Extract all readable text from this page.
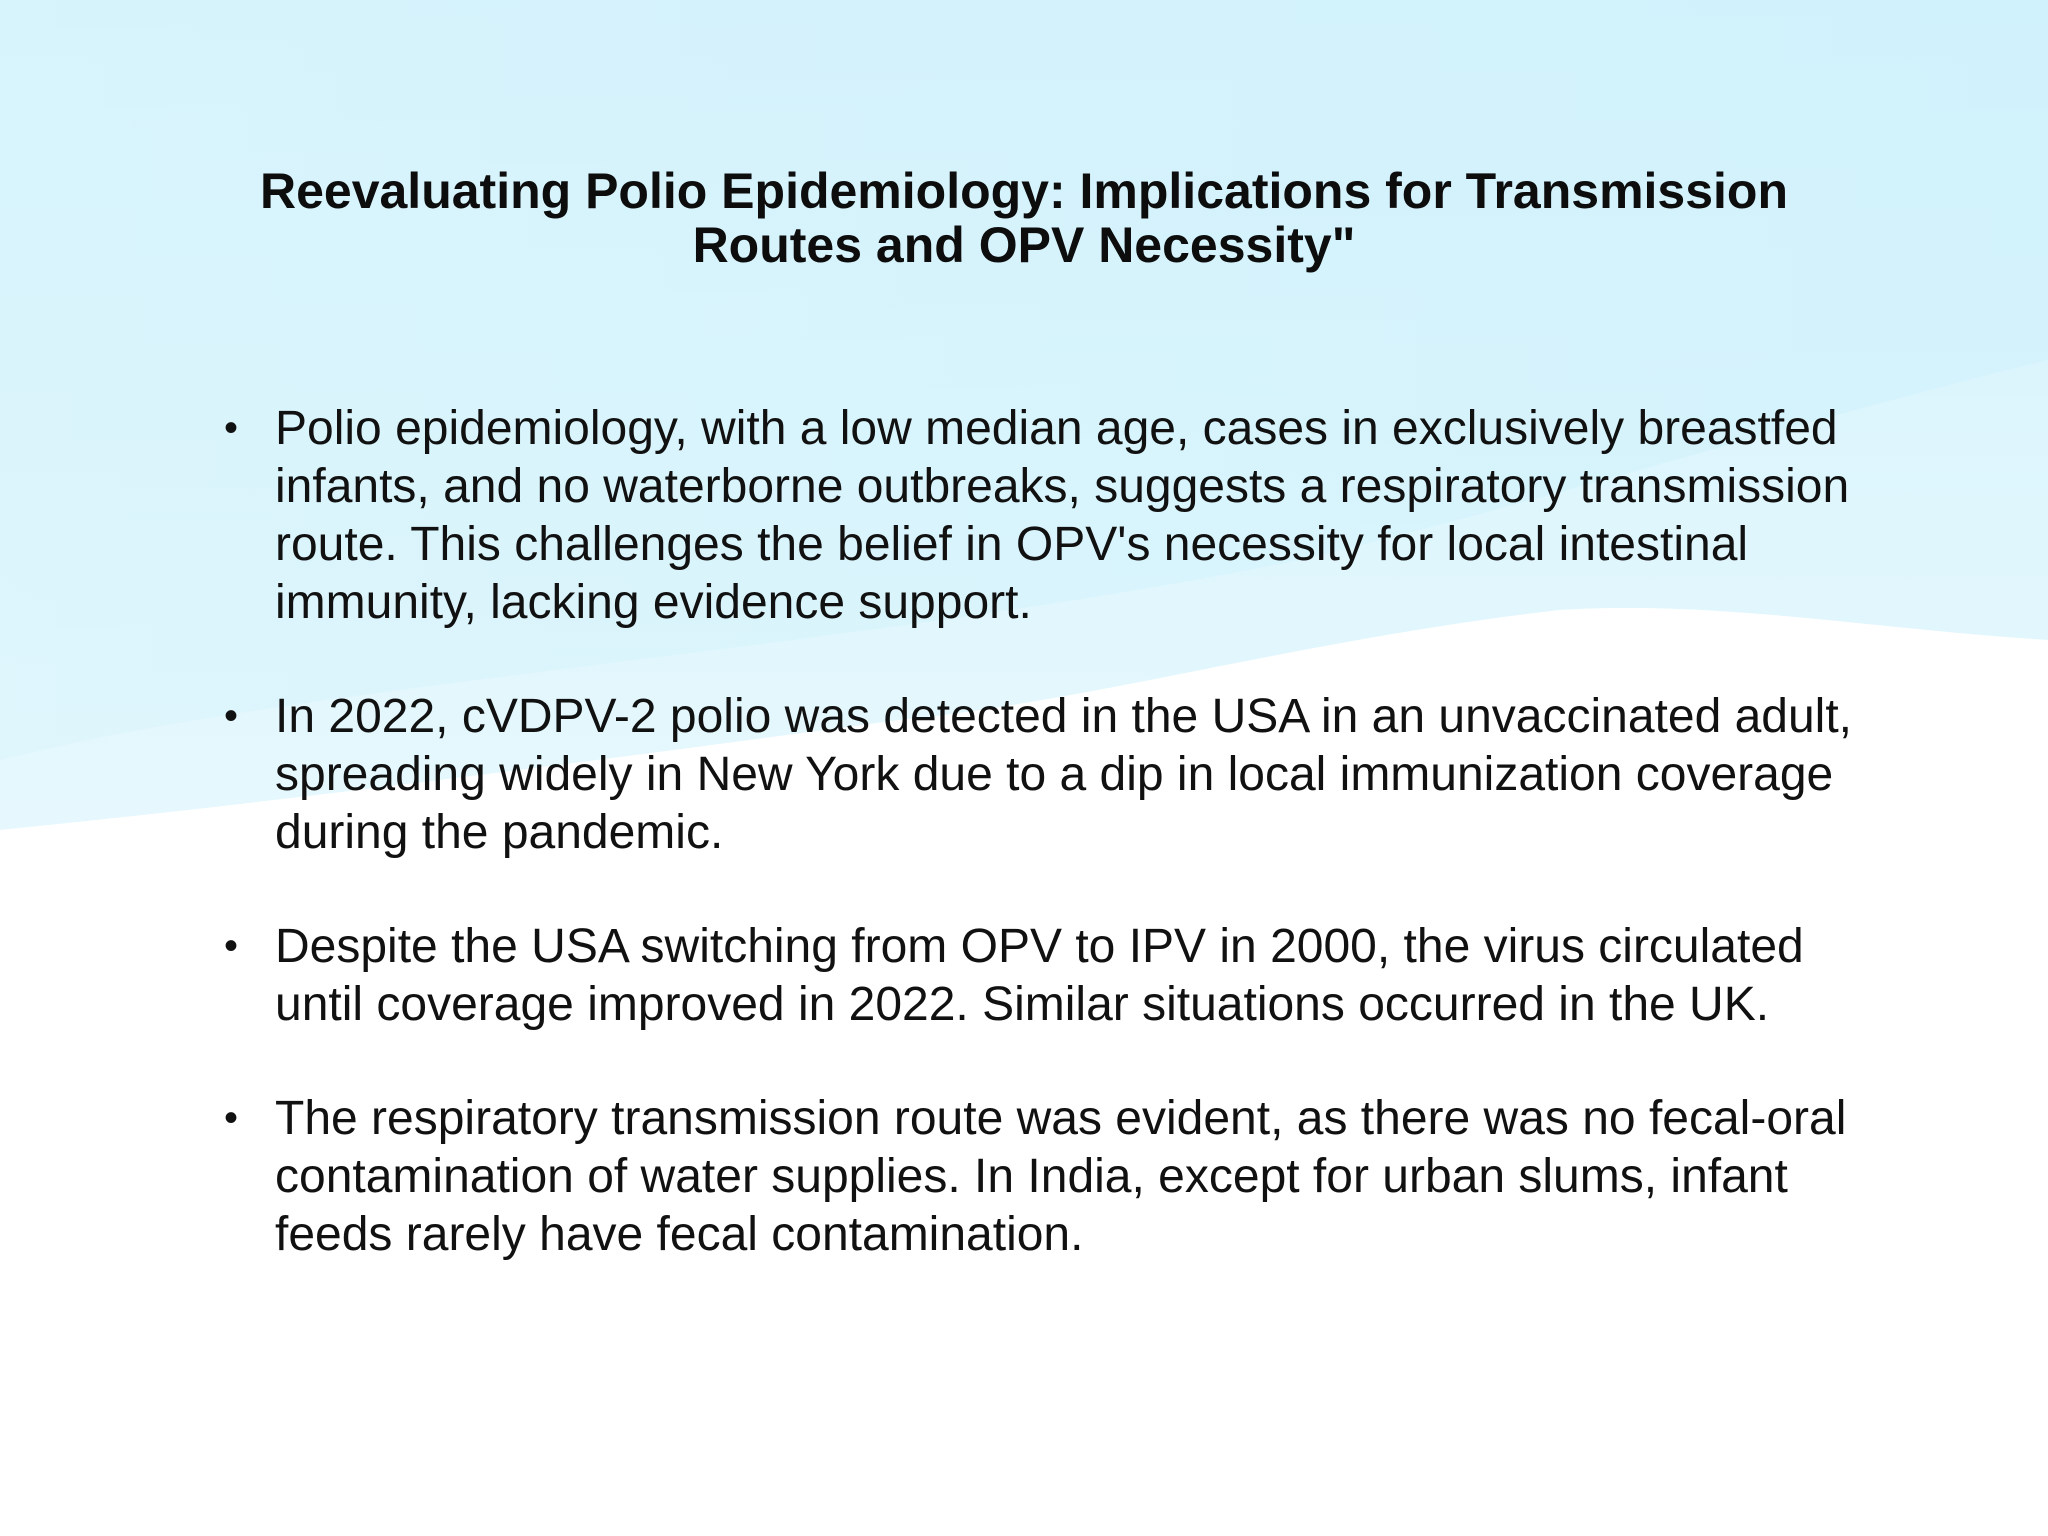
Reevaluating Polio Epidemiology: Implications for Transmission Routes and OPV Necessity"
• Polio epidemiology, with a low median age, cases in exclusively breastfed infants, and no waterborne outbreaks, suggests a respiratory transmission route. This challenges the belief in OPV's necessity for local intestinal immunity, lacking evidence support.
• In 2022, cVDPV-2 polio was detected in the USA in an unvaccinated adult, spreading widely in New York due to a dip in local immunization coverage during the pandemic.
• Despite the USA switching from OPV to IPV in 2000, the virus circulated until coverage improved in 2022. Similar situations occurred in the UK.
• The respiratory transmission route was evident, as there was no fecal-oral contamination of water supplies. In India, except for urban slums, infant feeds rarely have fecal contamination.
